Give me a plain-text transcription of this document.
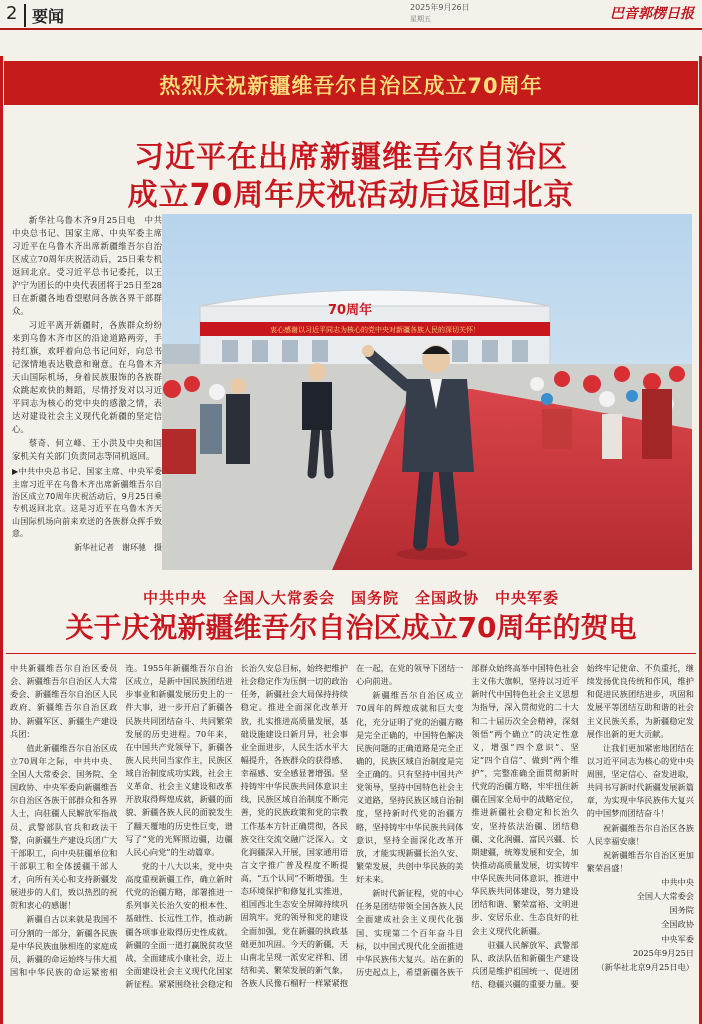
2 要闻	2025年9月26日
星期五	巴音郭楞日报
热烈庆祝新疆维吾尔自治区成立70周年
习近平在出席新疆维吾尔自治区
成立70周年庆祝活动后返回北京

新华社乌鲁木齐9月25日电　中共中央总书记、国家主席、中央军委主席习近平在乌鲁木齐出席新疆维吾尔自治区成立70周年庆祝活动后，25日乘专机返回北京。受习近平总书记委托，以王沪宁为团长的中央代表团将于25日至28日在新疆各地看望慰问各族各界干部群众。

习近平离开新疆时，各族群众纷纷来到乌鲁木齐市区的沿途道路两旁，手持红旗，欢呼着向总书记问好，向总书记深情地表达敬意和谢意。在乌鲁木齐天山国际机场，身着民族服饰的各族群众跳起欢快的舞蹈，尽情抒发对以习近平同志为核心的党中央的感激之情，表达对建设社会主义现代化新疆的坚定信心。

蔡奇、何立峰、王小洪及中央和国家机关有关部门负责同志等同机返回。

▶中共中央总书记、国家主席、中央军委主席习近平在乌鲁木齐出席新疆维吾尔自治区成立70周年庆祝活动后，9月25日乘专机返回北京。这是习近平在乌鲁木齐天山国际机场向前来欢送的各族群众挥手致意。

新华社记者　谢环驰　摄

70周年
衷心感谢以习近平同志为核心的党中央对新疆各族人民的深切关怀！
中共中央　全国人大常委会　国务院　全国政协　中央军委
关于庆祝新疆维吾尔自治区成立70周年的贺电

中共新疆维吾尔自治区委员会、新疆维吾尔自治区人大常委会、新疆维吾尔自治区人民政府、新疆维吾尔自治区政协、新疆军区、新疆生产建设兵团：

值此新疆维吾尔自治区成立70周年之际，中共中央、全国人大常委会、国务院、全国政协、中央军委向新疆维吾尔自治区各族干部群众和各界人士，向驻疆人民解放军指战员、武警部队官兵和政法干警，向新疆生产建设兵团广大干部职工，向中央驻疆单位和干部职工和全体援疆干部人才，向所有关心和支持新疆发展进步的人们，致以热烈的祝贺和衷心的感谢！

新疆自古以来就是我国不可分割的一部分，新疆各民族是中华民族血脉相连的家庭成员，新疆的命运始终与伟大祖国和中华民族的命运紧密相连。1955年新疆维吾尔自治区成立，是新中国民族团结进步事业和新疆发展历史上的一件大事，进一步开启了新疆各民族共同团结奋斗、共同繁荣发展的历史进程。70年来，在中国共产党领导下，新疆各族人民共同当家作主，民族区域自治制度成功实践，社会主义革命、社会主义建设和改革开放取得辉煌成就，新疆的面貌、新疆各族人民的面貌发生了翻天覆地的历史性巨变，谱写了“党的光辉照边疆，边疆人民心向党”的生动篇章。

党的十八大以来，党中央高度重视新疆工作，确立新时代党的治疆方略，部署推进一系列事关长治久安的根本性、基础性、长远性工作，推动新疆各项事业取得历史性成就。新疆的全面一道打赢脱贫攻坚战，全面建成小康社会，迈上全面建设社会主义现代化国家新征程。紧紧围绕社会稳定和长治久安总目标，始终把维护社会稳定作为压倒一切的政治任务，新疆社会大局保持持续稳定。推进全面深化改革开放，扎实推进高质量发展，基础设施建设日新月异，社会事业全面进步，人民生活水平大幅提升，各族群众的获得感、幸福感、安全感显著增强。坚持铸牢中华民族共同体意识主线，民族区域自治制度不断完善，党的民族政策和党的宗教工作基本方针正确贯彻，各民族交往交流交融广泛深入。文化润疆深入开展，国家通用语言文字推广普及程度不断提高，“五个认同”不断增强。生态环境保护和修复扎实推进，祖国西北生态安全屏障持续巩固筑牢。党的领导和党的建设全面加强，党在新疆的执政基础更加巩固。今天的新疆，天山南北呈现一派安定祥和、团结和美、繁荣发展的新气象，各族人民像石榴籽一样紧紧抱在一起，在党的领导下团结一心向前进。

新疆维吾尔自治区成立70周年的辉煌成就和巨大变化，充分证明了党的治疆方略是完全正确的，中国特色解决民族问题的正确道路是完全正确的，民族区域自治制度是完全正确的。只有坚持中国共产党领导，坚持中国特色社会主义道路，坚持民族区域自治制度，坚持新时代党的治疆方略，坚持铸牢中华民族共同体意识，坚持全面深化改革开放，才能实现新疆长治久安、繁荣发展，共创中华民族的美好未来。

新时代新征程，党的中心任务是团结带领全国各族人民全面建成社会主义现代化强国、实现第二个百年奋斗目标，以中国式现代化全面推进中华民族伟大复兴。站在新的历史起点上，希望新疆各族干部群众始终高举中国特色社会主义伟大旗帜，坚持以习近平新时代中国特色社会主义思想为指导，深入贯彻党的二十大和二十届历次全会精神，深刻领悟“两个确立”的决定性意义，增强“四个意识”、坚定“四个自信”、做到“两个维护”，完整准确全面贯彻新时代党的治疆方略，牢牢扭住新疆在国家全局中的战略定位，推进新疆社会稳定和长治久安，坚持依法治疆、团结稳疆、文化润疆、富民兴疆、长期建疆，统筹发展和安全，加快推动高质量发展，切实铸牢中华民族共同体意识，推进中华民族共同体建设，努力建设团结和谐、繁荣富裕、文明进步、安居乐业、生态良好的社会主义现代化新疆。

驻疆人民解放军、武警部队、政法队伍和新疆生产建设兵团是维护祖国统一、促进团结、稳疆兴疆的重要力量。要始终牢记使命、不负重托，继续发扬优良传统和作风，维护和促进民族团结进步，巩固和发展平等团结互助和谐的社会主义民族关系，为新疆稳定发展作出新的更大贡献。

让我们更加紧密地团结在以习近平同志为核心的党中央周围，坚定信心、奋发进取，共同书写新时代新疆发展新篇章，为实现中华民族伟大复兴的中国梦而团结奋斗！

祝新疆维吾尔自治区各族人民幸福安康！

祝新疆维吾尔自治区更加繁荣昌盛！

中共中央

全国人大常委会

国务院

全国政协

中央军委

2025年9月25日

（新华社北京9月25日电）
